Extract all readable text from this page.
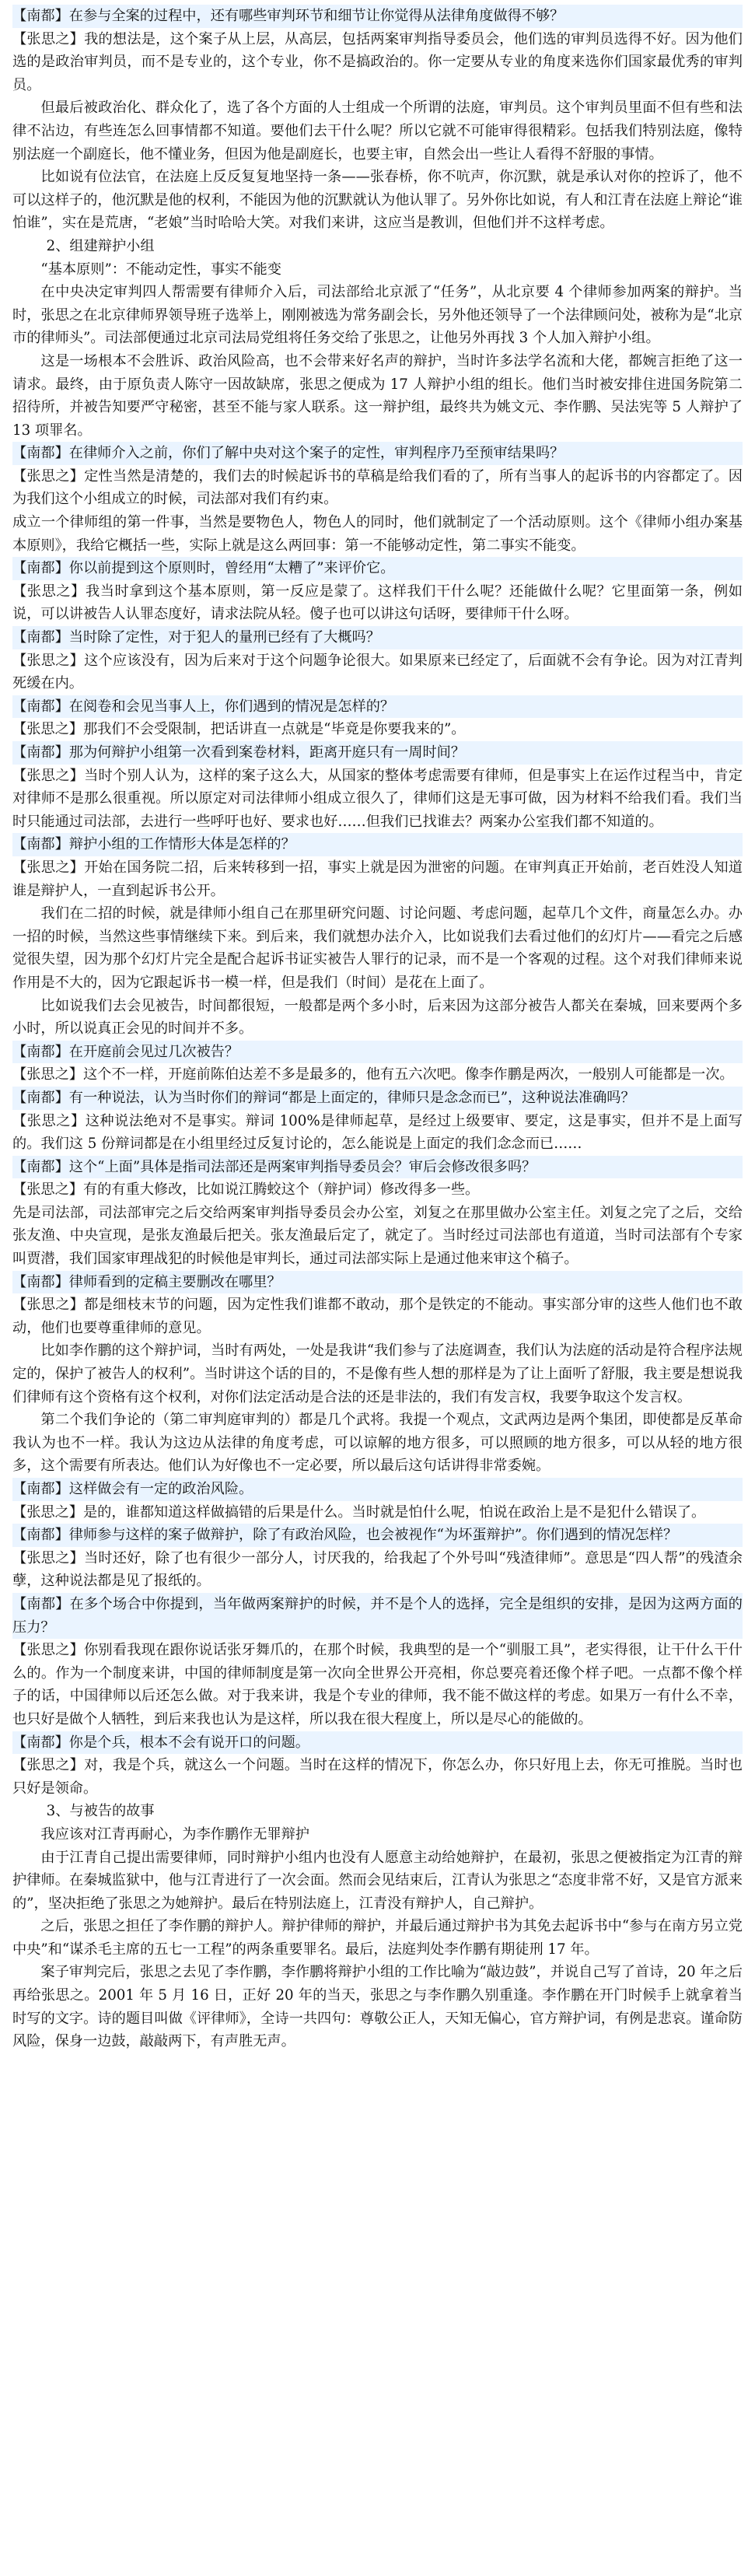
【南都】在参与全案的过程中，还有哪些审判环节和细节让你觉得从法律角度做得不够？

【张思之】我的想法是，这个案子从上层，从高层，包括两案审判指导委员会，他们选的审判员选得不好。因为他们选的是政治审判员，而不是专业的，这个专业，你不是搞政治的。你一定要从专业的角度来选你们国家最优秀的审判员。

但最后被政治化、群众化了，选了各个方面的人士组成一个所谓的法庭，审判员。这个审判员里面不但有些和法律不沾边，有些连怎么回事情都不知道。要他们去干什么呢？所以它就不可能审得很精彩。包括我们特别法庭，像特别法庭一个副庭长，他不懂业务，但因为他是副庭长，也要主审，自然会出一些让人看得不舒服的事情。

比如说有位法官，在法庭上反反复复地坚持一条——张春桥，你不吭声，你沉默，就是承认对你的控诉了，他不可以这样子的，他沉默是他的权利，不能因为他的沉默就认为他认罪了。另外你比如说，有人和江青在法庭上辩论“谁怕谁”，实在是荒唐，“老娘”当时哈哈大笑。对我们来讲，这应当是教训，但他们并不这样考虑。

2、组建辩护小组

“基本原则”：不能动定性，事实不能变

在中央决定审判四人帮需要有律师介入后，司法部给北京派了“任务”，从北京要 4 个律师参加两案的辩护。当时，张思之在北京律师界领导班子选举上，刚刚被选为常务副会长，另外他还领导了一个法律顾问处，被称为是“北京市的律师头”。司法部便通过北京司法局党组将任务交给了张思之，让他另外再找 3 个人加入辩护小组。

这是一场根本不会胜诉、政治风险高，也不会带来好名声的辩护，当时许多法学名流和大佬，都婉言拒绝了这一请求。最终，由于原负责人陈守一因故缺席，张思之便成为 17 人辩护小组的组长。他们当时被安排住进国务院第二招待所，并被告知要严守秘密，甚至不能与家人联系。这一辩护组，最终共为姚文元、李作鹏、吴法宪等 5 人辩护了 13 项罪名。

【南都】在律师介入之前，你们了解中央对这个案子的定性，审判程序乃至预审结果吗？

【张思之】定性当然是清楚的，我们去的时候起诉书的草稿是给我们看的了，所有当事人的起诉书的内容都定了。因为我们这个小组成立的时候，司法部对我们有约束。

成立一个律师组的第一件事，当然是要物色人，物色人的同时，他们就制定了一个活动原则。这个《律师小组办案基本原则》，我给它概括一些，实际上就是这么两回事：第一不能够动定性，第二事实不能变。

【南都】你以前提到这个原则时，曾经用“太糟了”来评价它。

【张思之】我当时拿到这个基本原则，第一反应是蒙了。这样我们干什么呢？还能做什么呢？它里面第一条，例如说，可以讲被告人认罪态度好，请求法院从轻。傻子也可以讲这句话呀，要律师干什么呀。

【南都】当时除了定性，对于犯人的量刑已经有了大概吗？

【张思之】这个应该没有，因为后来对于这个问题争论很大。如果原来已经定了，后面就不会有争论。因为对江青判死缓在内。

【南都】在阅卷和会见当事人上，你们遇到的情况是怎样的？

【张思之】那我们不会受限制，把话讲直一点就是“毕竟是你要我来的”。

【南都】那为何辩护小组第一次看到案卷材料，距离开庭只有一周时间？

【张思之】当时个别人认为，这样的案子这么大，从国家的整体考虑需要有律师，但是事实上在运作过程当中，肯定对律师不是那么很重视。所以原定对司法律师小组成立很久了，律师们这是无事可做，因为材料不给我们看。我们当时只能通过司法部，去进行一些呼吁也好、要求也好……但我们已找谁去？两案办公室我们都不知道的。

【南都】辩护小组的工作情形大体是怎样的？

【张思之】开始在国务院二招，后来转移到一招，事实上就是因为泄密的问题。在审判真正开始前，老百姓没人知道谁是辩护人，一直到起诉书公开。

我们在二招的时候，就是律师小组自己在那里研究问题、讨论问题、考虑问题，起草几个文件，商量怎么办。办一招的时候，当然这些事情继续下来。到后来，我们就想办法介入，比如说我们去看过他们的幻灯片——看完之后感觉很失望，因为那个幻灯片完全是配合起诉书证实被告人罪行的记录，而不是一个客观的过程。这个对我们律师来说作用是不大的，因为它跟起诉书一模一样，但是我们（时间）是花在上面了。

比如说我们去会见被告，时间都很短，一般都是两个多小时，后来因为这部分被告人都关在秦城，回来要两个多小时，所以说真正会见的时间并不多。

【南都】在开庭前会见过几次被告？

【张思之】这个不一样，开庭前陈伯达差不多是最多的，他有五六次吧。像李作鹏是两次，一般别人可能都是一次。

【南都】有一种说法，认为当时你们的辩词“都是上面定的，律师只是念念而已”，这种说法准确吗？

【张思之】这种说法绝对不是事实。辩词 100%是律师起草，是经过上级要审、要定，这是事实，但并不是上面写的。我们这 5 份辩词都是在小组里经过反复讨论的，怎么能说是上面定的我们念念而已……

【南都】这个“上面”具体是指司法部还是两案审判指导委员会？审后会修改很多吗？

【张思之】有的有重大修改，比如说江腾蛟这个（辩护词）修改得多一些。

先是司法部，司法部审完之后交给两案审判指导委员会办公室，刘复之在那里做办公室主任。刘复之完了之后，交给张友渔、中央宣现，是张友渔最后把关。张友渔最后定了，就定了。当时经过司法部也有道道，当时司法部有个专家叫贾潜，我们国家审理战犯的时候他是审判长，通过司法部实际上是通过他来审这个稿子。

【南都】律师看到的定稿主要删改在哪里？

【张思之】都是细枝末节的问题，因为定性我们谁都不敢动，那个是铁定的不能动。事实部分审的这些人他们也不敢动，他们也要尊重律师的意见。

比如李作鹏的这个辩护词，当时有两处，一处是我讲“我们参与了法庭调查，我们认为法庭的活动是符合程序法规定的，保护了被告人的权利”。当时讲这个话的目的，不是像有些人想的那样是为了让上面听了舒服，我主要是想说我们律师有这个资格有这个权利，对你们法定活动是合法的还是非法的，我们有发言权，我要争取这个发言权。

第二个我们争论的（第二审判庭审判的）都是几个武将。我提一个观点，文武两边是两个集团，即使都是反革命我认为也不一样。我认为这边从法律的角度考虑，可以谅解的地方很多，可以照顾的地方很多，可以从轻的地方很多，这个需要有所表达。他们认为好像也不一定必要，所以最后这句话讲得非常委婉。

【南都】这样做会有一定的政治风险。

【张思之】是的，谁都知道这样做搞错的后果是什么。当时就是怕什么呢，怕说在政治上是不是犯什么错误了。

【南都】律师参与这样的案子做辩护，除了有政治风险，也会被视作“为坏蛋辩护”。你们遇到的情况怎样？

【张思之】当时还好，除了也有很少一部分人，讨厌我的，给我起了个外号叫“残渣律师”。意思是“四人帮”的残渣余孽，这种说法都是见了报纸的。

【南都】在多个场合中你提到，当年做两案辩护的时候，并不是个人的选择，完全是组织的安排，是因为这两方面的压力？

【张思之】你别看我现在跟你说话张牙舞爪的，在那个时候，我典型的是一个“驯服工具”，老实得很，让干什么干什么的。作为一个制度来讲，中国的律师制度是第一次向全世界公开亮相，你总要亮着还像个样子吧。一点都不像个样子的话，中国律师以后还怎么做。对于我来讲，我是个专业的律师，我不能不做这样的考虑。如果万一有什么不幸，也只好是做个人牺牲，到后来我也认为是这样，所以我在很大程度上，所以是尽心的能做的。

【南都】你是个兵，根本不会有说开口的问题。

【张思之】对，我是个兵，就这么一个问题。当时在这样的情况下，你怎么办，你只好甩上去，你无可推脱。当时也只好是领命。

3、与被告的故事

我应该对江青再耐心，为李作鹏作无罪辩护

由于江青自己提出需要律师，同时辩护小组内也没有人愿意主动给她辩护，在最初，张思之便被指定为江青的辩护律师。在秦城监狱中，他与江青进行了一次会面。然而会见结束后，江青认为张思之“态度非常不好，又是官方派来的”，坚决拒绝了张思之为她辩护。最后在特别法庭上，江青没有辩护人，自己辩护。

之后，张思之担任了李作鹏的辩护人。辩护律师的辩护，并最后通过辩护书为其免去起诉书中“参与在南方另立党中央”和“谋杀毛主席的五七一工程”的两条重要罪名。最后，法庭判处李作鹏有期徒刑 17 年。

案子审判完后，张思之去见了李作鹏，李作鹏将辩护小组的工作比喻为“敲边鼓”，并说自己写了首诗，20 年之后再给张思之。2001 年 5 月 16 日，正好 20 年的当天，张思之与李作鹏久别重逢。李作鹏在开门时候手上就拿着当时写的文字。诗的题目叫做《评律师》，全诗一共四句：尊敬公正人，天知无偏心，官方辩护词，有例是悲哀。谨命防风险，保身一边鼓，敲敲两下，有声胜无声。
